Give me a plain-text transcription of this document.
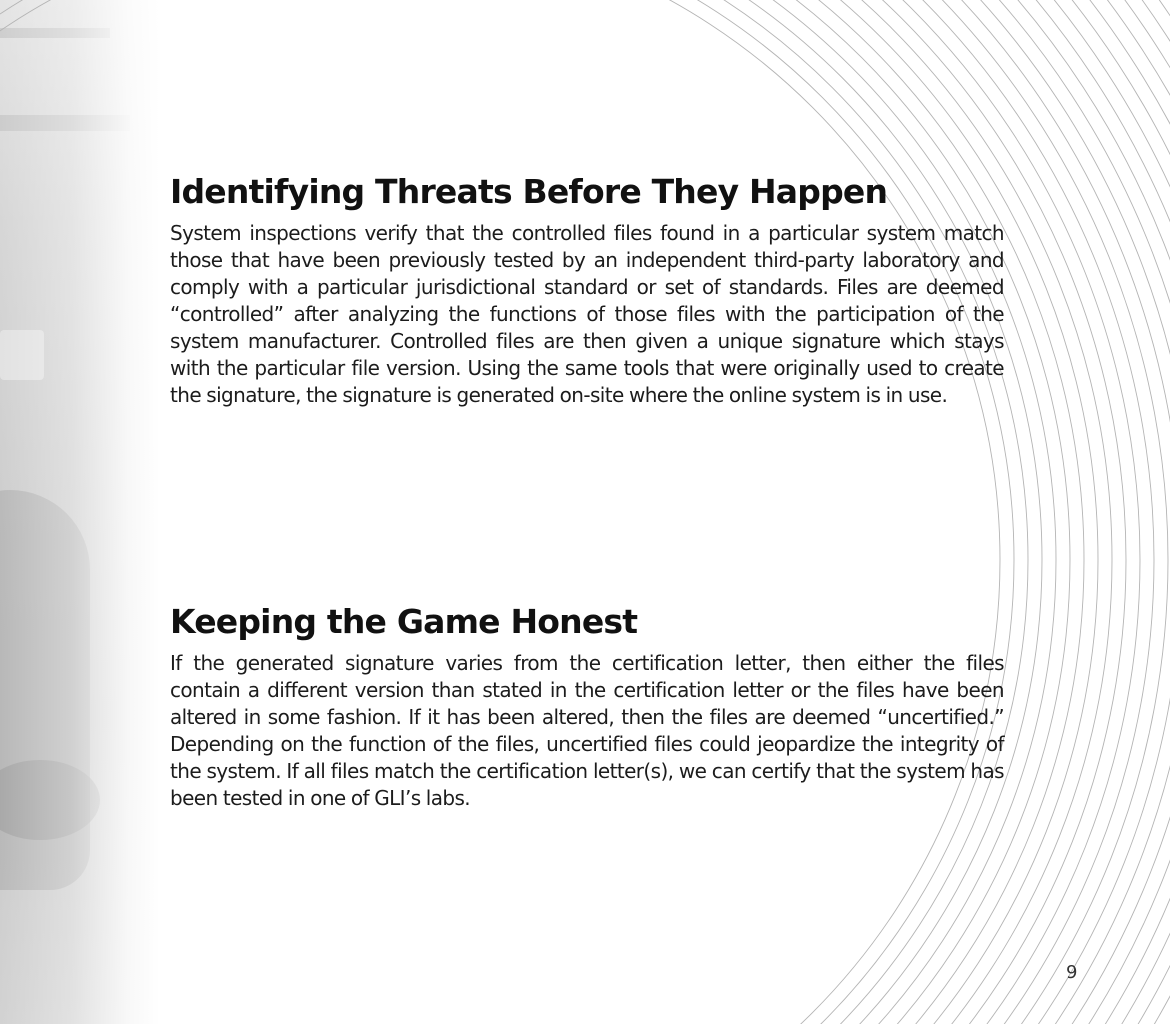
Identifying Threats Before They Happen

System inspections verify that the controlled files found in a particular system match those that have been previously tested by an independent third-party laboratory and comply with a particular jurisdictional standard or set of standards. Files are deemed “controlled” after analyzing the functions of those files with the participation of the system manufacturer. Controlled files are then given a unique signature which stays with the particular file version. Using the same tools that were originally used to create the signature, the signature is generated on-site where the online system is in use.

Keeping the Game Honest

If the generated signature varies from the certification letter, then either the files contain a different version than stated in the certification letter or the files have been altered in some fashion. If it has been altered, then the files are deemed “uncertified.” Depending on the function of the files, uncertified files could jeopardize the integrity of the system. If all files match the certification letter(s), we can certify that the system has been tested in one of GLI’s labs.

9
